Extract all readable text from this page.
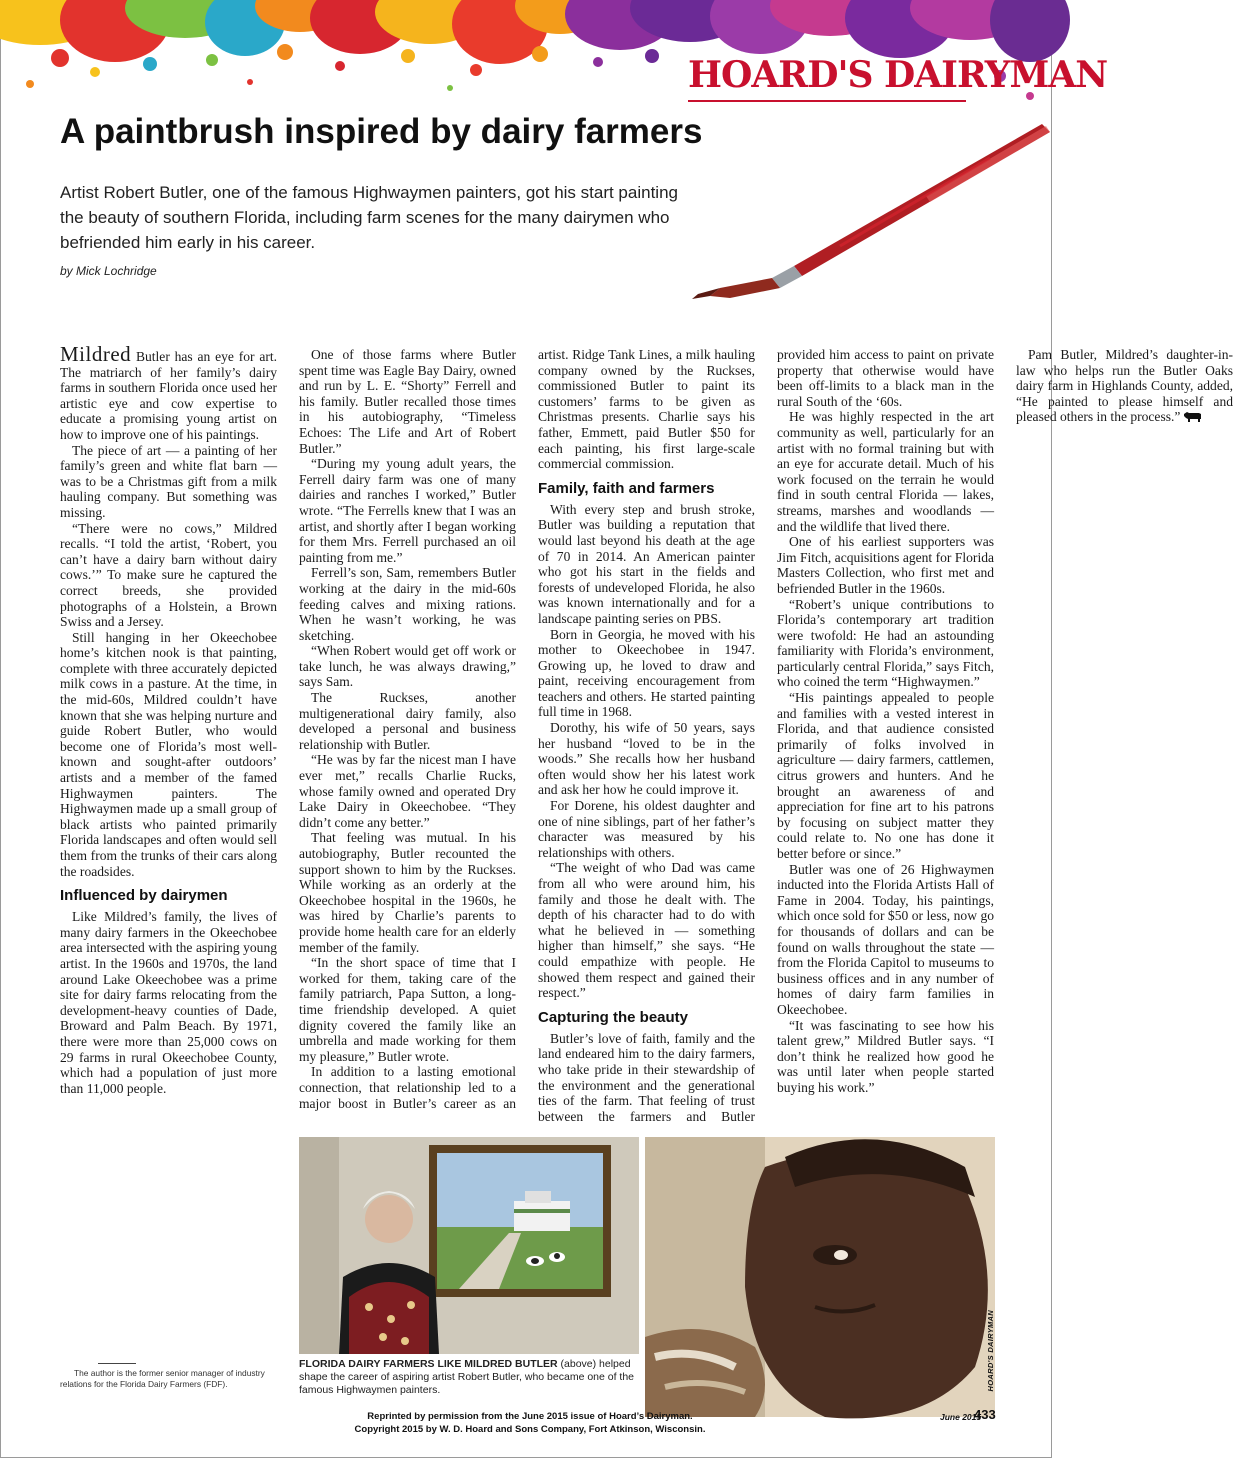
HOARD'S DAIRYMAN
A paintbrush inspired by dairy farmers

Artist Robert Butler, one of the famous Highwaymen painters, got his start painting the beauty of southern Florida, including farm scenes for the many dairymen who befriended him early in his career.

by Mick Lochridge

Mildred Butler has an eye for art. The matriarch of her family’s dairy farms in southern Florida once used her artistic eye and cow expertise to educate a promising young artist on how to improve one of his paintings.

The piece of art — a painting of her family’s green and white flat barn — was to be a Christmas gift from a milk hauling company. But something was missing.

“There were no cows,” Mildred recalls. “I told the artist, ‘Robert, you can’t have a dairy barn without dairy cows.’” To make sure he captured the correct breeds, she provided photographs of a Holstein, a Brown Swiss and a Jersey.

Still hanging in her Okeechobee home’s kitchen nook is that painting, complete with three accurately depicted milk cows in a pasture. At the time, in the mid-60s, Mildred couldn’t have known that she was helping nurture and guide Robert Butler, who would become one of Florida’s most well-known and sought-after outdoors’ artists and a member of the famed Highwaymen painters. The Highwaymen made up a small group of black artists who painted primarily Florida landscapes and often would sell them from the trunks of their cars along the roadsides.

Influenced by dairymen

Like Mildred’s family, the lives of many dairy farmers in the Okeechobee area intersected with the aspiring young artist. In the 1960s and 1970s, the land around Lake Okeechobee was a prime site for dairy farms relocating from the development-heavy counties of Dade, Broward and Palm Beach. By 1971, there were more than 25,000 cows on 29 farms in rural Okeechobee County, which had a population of just more than 11,000 people.

One of those farms where Butler spent time was Eagle Bay Dairy, owned and run by L. E. “Shorty” Ferrell and his family. Butler recalled those times in his autobiography, “Timeless Echoes: The Life and Art of Robert Butler.”

“During my young adult years, the Ferrell dairy farm was one of many dairies and ranches I worked,” Butler wrote. “The Ferrells knew that I was an artist, and shortly after I began working for them Mrs. Ferrell purchased an oil painting from me.”

Ferrell’s son, Sam, remembers Butler working at the dairy in the mid-60s feeding calves and mixing rations. When he wasn’t working, he was sketching.

“When Robert would get off work or take lunch, he was always drawing,” says Sam.

The Ruckses, another multigenerational dairy family, also developed a personal and business relationship with Butler.

“He was by far the nicest man I have ever met,” recalls Charlie Rucks, whose family owned and operated Dry Lake Dairy in Okeechobee. “They didn’t come any better.”

That feeling was mutual. In his autobiography, Butler recounted the support shown to him by the Ruckses. While working as an orderly at the Okeechobee hospital in the 1960s, he was hired by Charlie’s parents to provide home health care for an elderly member of the family.

“In the short space of time that I worked for them, taking care of the family patriarch, Papa Sutton, a long-time friendship developed. A quiet dignity covered the family like an umbrella and made working for them my pleasure,” Butler wrote.

In addition to a lasting emotional connection, that relationship led to a major boost in Butler’s career as an artist. Ridge Tank Lines, a milk hauling company owned by the Ruckses, commissioned Butler to paint its customers’ farms to be given as Christmas presents. Charlie says his father, Emmett, paid Butler $50 for each painting, his first large-scale commercial commission.

Family, faith and farmers

With every step and brush stroke, Butler was building a reputation that would last beyond his death at the age of 70 in 2014. An American painter who got his start in the fields and forests of undeveloped Florida, he also was known internationally and for a landscape painting series on PBS.

Born in Georgia, he moved with his mother to Okeechobee in 1947. Growing up, he loved to draw and paint, receiving encouragement from teachers and others. He started painting full time in 1968.

Dorothy, his wife of 50 years, says her husband “loved to be in the woods.” She recalls how her husband often would show her his latest work and ask her how he could improve it.

For Dorene, his oldest daughter and one of nine siblings, part of her father’s character was measured by his relationships with others.

“The weight of who Dad was came from all who were around him, his family and those he dealt with. The depth of his character had to do with what he believed in — something higher than himself,” she says. “He could empathize with people. He showed them respect and gained their respect.”

Capturing the beauty

Butler’s love of faith, family and the land endeared him to the dairy farmers, who take pride in their stewardship of the environment and the generational ties of the farm. That feeling of trust between the farmers and Butler provided him access to paint on private property that otherwise would have been off-limits to a black man in the rural South of the ‘60s.

He was highly respected in the art community as well, particularly for an artist with no formal training but with an eye for accurate detail. Much of his work focused on the terrain he would find in south central Florida — lakes, streams, marshes and woodlands — and the wildlife that lived there.

One of his earliest supporters was Jim Fitch, acquisitions agent for Florida Masters Collection, who first met and befriended Butler in the 1960s.

“Robert’s unique contributions to Florida’s contemporary art tradition were twofold: He had an astounding familiarity with Florida’s environment, particularly central Florida,” says Fitch, who coined the term “Highwaymen.”

“His paintings appealed to people and families with a vested interest in Florida, and that audience consisted primarily of folks involved in agriculture — dairy farmers, cattlemen, citrus growers and hunters. And he brought an awareness of and appreciation for fine art to his patrons by focusing on subject matter they could relate to. No one has done it better before or since.”

Butler was one of 26 Highwaymen inducted into the Florida Artists Hall of Fame in 2004. Today, his paintings, which once sold for $50 or less, now go for thousands of dollars and can be found on walls throughout the state — from the Florida Capitol to museums to business offices and in any number of homes of dairy farm families in Okeechobee.

“It was fascinating to see how his talent grew,” Mildred Butler says. “I don’t think he realized how good he was until later when people started buying his work.”

Pam Butler, Mildred’s daughter-in-law who helps run the Butler Oaks dairy farm in Highlands County, added, “He painted to please himself and pleased others in the process.”

HOARD'S DAIRYMAN

FLORIDA DAIRY FARMERS LIKE MILDRED BUTLER (above) helped shape the career of aspiring artist Robert Butler, who became one of the famous Highwaymen painters.

The author is the former senior manager of industry relations for the Florida Dairy Farmers (FDF).

Reprinted by permission from the June 2015 issue of Hoard’s Dairyman.
Copyright 2015 by W. D. Hoard and Sons Company, Fort Atkinson, Wisconsin.
June 2015
433
